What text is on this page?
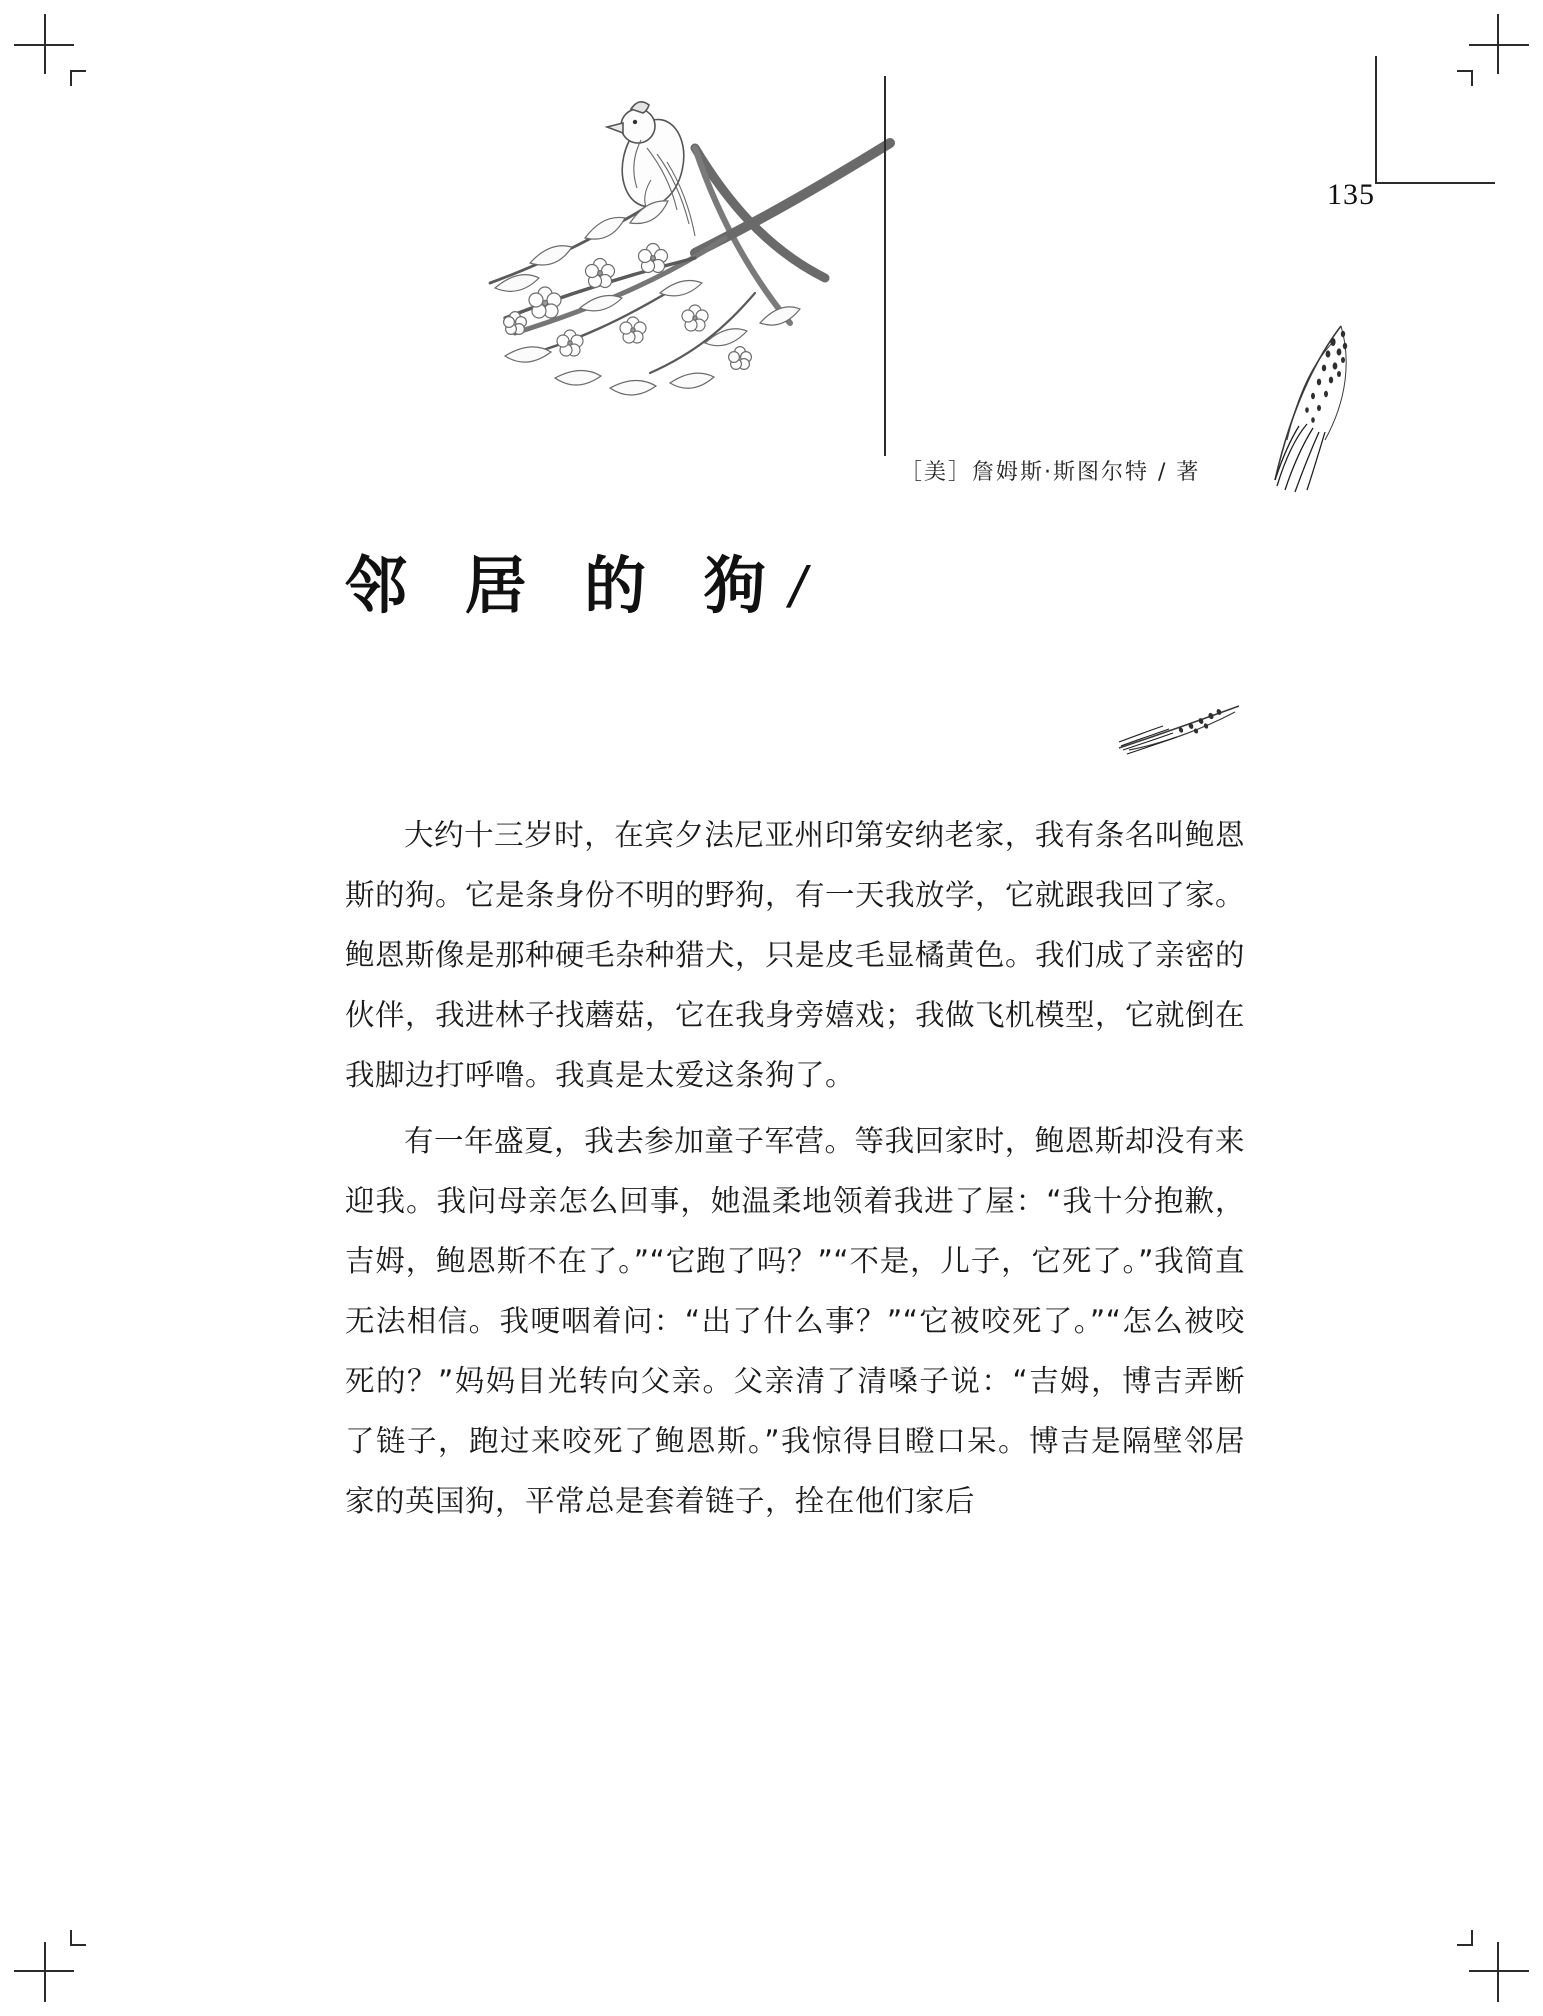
135
［美］詹姆斯·斯图尔特 / 著
邻 居 的 狗 /

大约十三岁时，在宾夕法尼亚州印第安纳老家，我有条名叫鲍恩斯的狗。它是条身份不明的野狗，有一天我放学，它就跟我回了家。鲍恩斯像是那种硬毛杂种猎犬，只是皮毛显橘黄色。我们成了亲密的伙伴，我进林子找蘑菇，它在我身旁嬉戏；我做飞机模型，它就倒在我脚边打呼噜。我真是太爱这条狗了。

有一年盛夏，我去参加童子军营。等我回家时，鲍恩斯却没有来迎我。我问母亲怎么回事，她温柔地领着我进了屋：“我十分抱歉，吉姆，鲍恩斯不在了。”“它跑了吗？”“不是，儿子，它死了。”我简直无法相信。我哽咽着问：“出了什么事？”“它被咬死了。”“怎么被咬死的？”妈妈目光转向父亲。父亲清了清嗓子说：“吉姆，博吉弄断了链子，跑过来咬死了鲍恩斯。”我惊得目瞪口呆。博吉是隔壁邻居家的英国狗，平常总是套着链子，拴在他们家后
